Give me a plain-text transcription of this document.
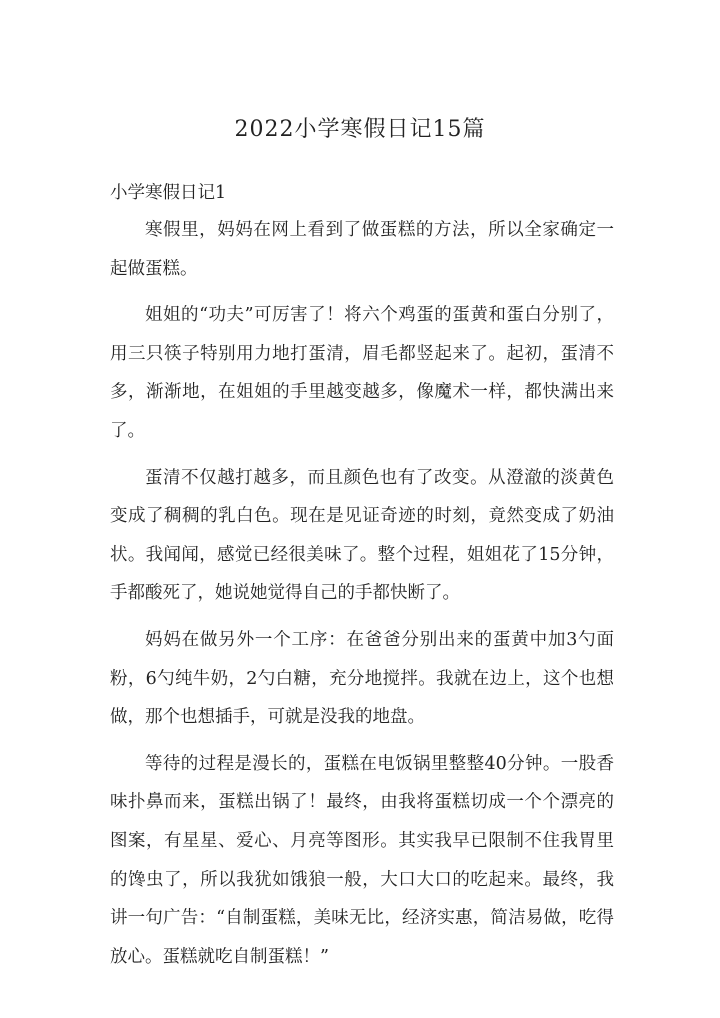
2022小学寒假日记15篇
小学寒假日记1

寒假里，妈妈在网上看到了做蛋糕的方法，所以全家确定一起做蛋糕。

姐姐的“功夫”可厉害了！将六个鸡蛋的蛋黄和蛋白分别了，用三只筷子特别用力地打蛋清，眉毛都竖起来了。起初，蛋清不多，渐渐地，在姐姐的手里越变越多，像魔术一样，都快满出来了。

蛋清不仅越打越多，而且颜色也有了改变。从澄澈的淡黄色变成了稠稠的乳白色。现在是见证奇迹的时刻，竟然变成了奶油状。我闻闻，感觉已经很美味了。整个过程，姐姐花了15分钟，手都酸死了，她说她觉得自己的手都快断了。

妈妈在做另外一个工序：在爸爸分别出来的蛋黄中加3勺面粉，6勺纯牛奶，2勺白糖，充分地搅拌。我就在边上，这个也想做，那个也想插手，可就是没我的地盘。

等待的过程是漫长的，蛋糕在电饭锅里整整40分钟。一股香味扑鼻而来，蛋糕出锅了！最终，由我将蛋糕切成一个个漂亮的图案，有星星、爱心、月亮等图形。其实我早已限制不住我胃里的馋虫了，所以我犹如饿狼一般，大口大口的吃起来。最终，我讲一句广告：“自制蛋糕，美味无比，经济实惠，简洁易做，吃得放心。蛋糕就吃自制蛋糕！”
